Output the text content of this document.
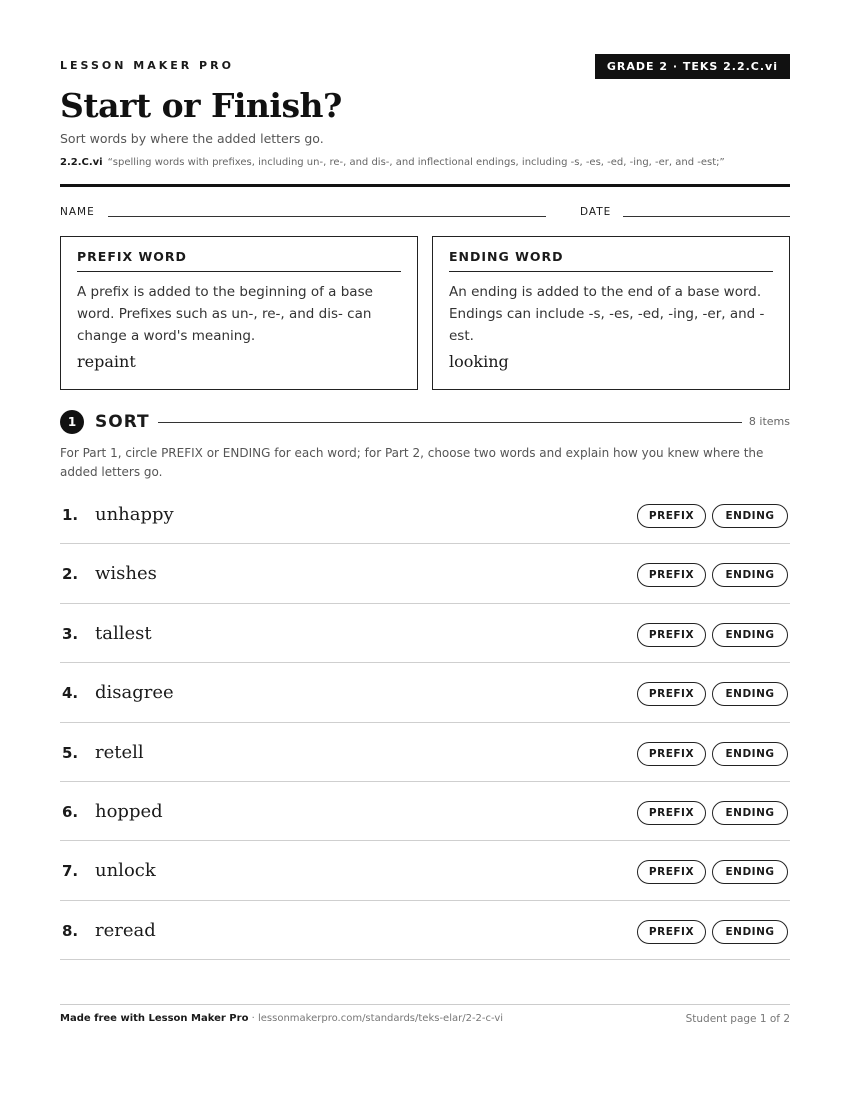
LESSON MAKER PRO	GRADE 2 · TEKS 2.2.C.vi
Start or Finish?
Sort words by where the added letters go.
2.2.C.vi “spelling words with prefixes, including un-, re-, and dis-, and inflectional endings, including -s, -es, -ed, -ing, -er, and -est;”
NAME	DATE
PREFIX WORD
A prefix is added to the beginning of a base word. Prefixes such as un-, re-, and dis- can change a word's meaning.
repaint
ENDING WORD
An ending is added to the end of a base word. Endings can include -s, -es, -ed, -ing, -er, and -est.
looking
1	SORT	8 items
For Part 1, circle PREFIX or ENDING for each word; for Part 2, choose two words and explain how you knew where the added letters go.
1. unhappy	PREFIX	ENDING
2. wishes	PREFIX	ENDING
3. tallest	PREFIX	ENDING
4. disagree	PREFIX	ENDING
5. retell	PREFIX	ENDING
6. hopped	PREFIX	ENDING
7. unlock	PREFIX	ENDING
8. reread	PREFIX	ENDING
Made free with Lesson Maker Pro · lessonmakerpro.com/standards/teks-elar/2-2-c-vi	Student page 1 of 2
